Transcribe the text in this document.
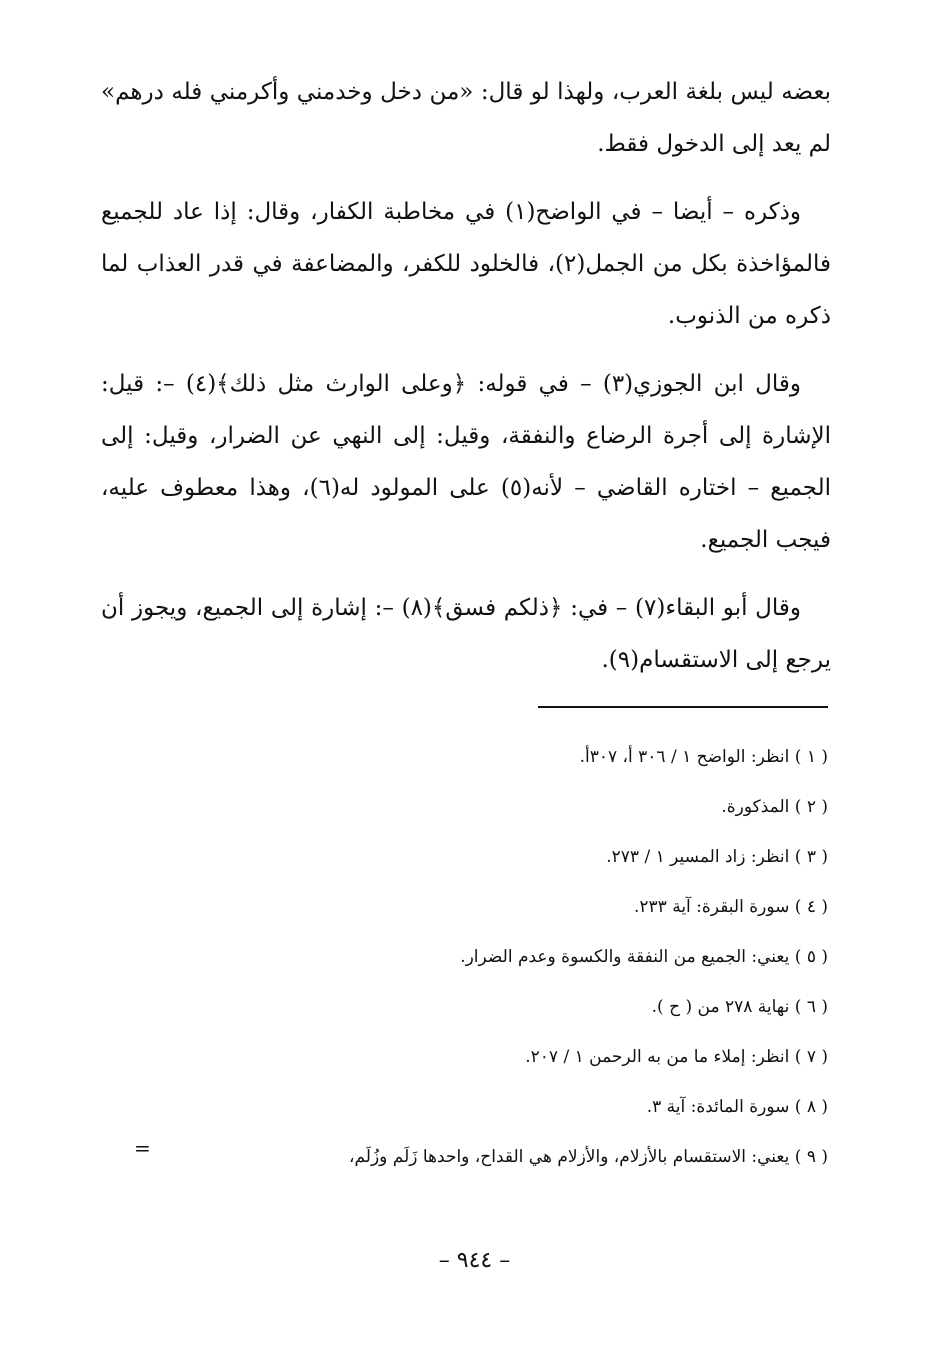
بعضه ليس بلغة العرب، ولهذا لو قال: «من دخل وخدمني وأكرمني فله درهم» لم يعد إلى الدخول فقط.

وذكره – أيضا – في الواضح(١) في مخاطبة الكفار، وقال: إذا عاد للجميع فالمؤاخذة بكل من الجمل(٢)، فالخلود للكفر، والمضاعفة في قدر العذاب لما ذكره من الذنوب.

وقال ابن الجوزي(٣) – في قوله: ﴿وعلى الوارث مثل ذلك﴾(٤) –: قيل: الإشارة إلى أجرة الرضاع والنفقة، وقيل: إلى النهي عن الضرار، وقيل: إلى الجميع – اختاره القاضي – لأنه(٥) على المولود له(٦)، وهذا معطوف عليه، فيجب الجميع.

وقال أبو البقاء(٧) – في: ﴿ذلكم فسق﴾(٨) –: إشارة إلى الجميع، ويجوز أن يرجع إلى الاستقسام(٩).

( ١ ) انظر: الواضح ١ / ٣٠٦ أ، ٣٠٧أ.

( ٢ ) المذكورة.

( ٣ ) انظر: زاد المسير ١ / ٢٧٣.

( ٤ ) سورة البقرة: آية ٢٣٣.

( ٥ ) يعني: الجميع من النفقة والكسوة وعدم الضرار.

( ٦ ) نهاية ٢٧٨ من ( ح ).

( ٧ ) انظر: إملاء ما من به الرحمن ١ / ٢٠٧.

( ٨ ) سورة المائدة: آية ٣.

( ٩ ) يعني: الاستقسام بالأزلام، والأزلام هي القداح، واحدها زَلَم وزُلَم،

=
– ٩٤٤ –
